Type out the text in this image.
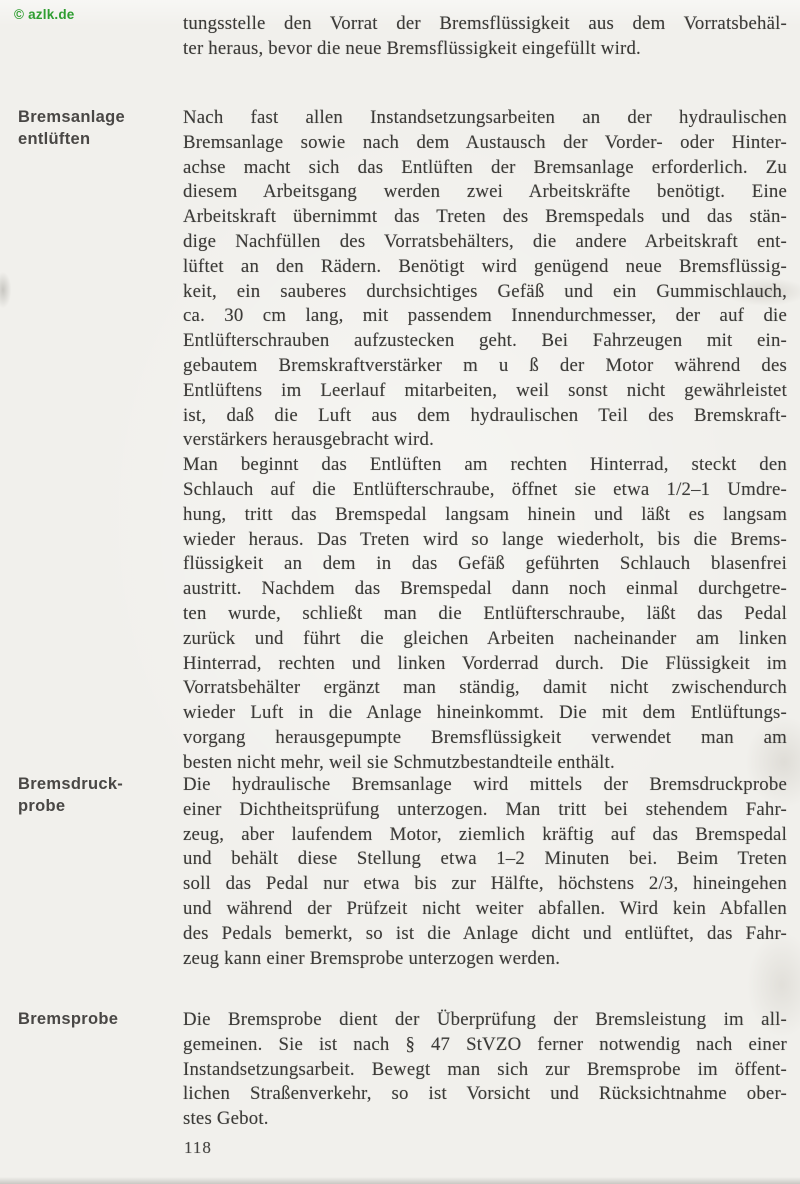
© azlk.de	tungsstelle den Vorrat der Bremsflüssigkeit aus dem Vorratsbehäl-
ter heraus, bevor die neue Bremsflüssigkeit eingefüllt wird.
Bremsanlage
entlüften
Nach fast allen Instandsetzungsarbeiten an der hydraulischen
Bremsanlage sowie nach dem Austausch der Vorder- oder Hinter-
achse macht sich das Entlüften der Bremsanlage erforderlich. Zu
diesem Arbeitsgang werden zwei Arbeitskräfte benötigt. Eine
Arbeitskraft übernimmt das Treten des Bremspedals und das stän-
dige Nachfüllen des Vorratsbehälters, die andere Arbeitskraft ent-
lüftet an den Rädern. Benötigt wird genügend neue Bremsflüssig-
keit, ein sauberes durchsichtiges Gefäß und ein Gummischlauch,
ca. 30 cm lang, mit passendem Innendurchmesser, der auf die
Entlüfterschrauben aufzustecken geht. Bei Fahrzeugen mit ein-
gebautem Bremskraftverstärker m u ß der Motor während des
Entlüftens im Leerlauf mitarbeiten, weil sonst nicht gewährleistet
ist, daß die Luft aus dem hydraulischen Teil des Bremskraft-
verstärkers herausgebracht wird.
Man beginnt das Entlüften am rechten Hinterrad, steckt den
Schlauch auf die Entlüfterschraube, öffnet sie etwa 1/2–1 Umdre-
hung, tritt das Bremspedal langsam hinein und läßt es langsam
wieder heraus. Das Treten wird so lange wiederholt, bis die Brems-
flüssigkeit an dem in das Gefäß geführten Schlauch blasenfrei
austritt. Nachdem das Bremspedal dann noch einmal durchgetre-
ten wurde, schließt man die Entlüfterschraube, läßt das Pedal
zurück und führt die gleichen Arbeiten nacheinander am linken
Hinterrad, rechten und linken Vorderrad durch. Die Flüssigkeit im
Vorratsbehälter ergänzt man ständig, damit nicht zwischendurch
wieder Luft in die Anlage hineinkommt. Die mit dem Entlüftungs-
vorgang herausgepumpte Bremsflüssigkeit verwendet man am
besten nicht mehr, weil sie Schmutzbestandteile enthält.
Bremsdruck-
probe
Die hydraulische Bremsanlage wird mittels der Bremsdruckprobe
einer Dichtheitsprüfung unterzogen. Man tritt bei stehendem Fahr-
zeug, aber laufendem Motor, ziemlich kräftig auf das Bremspedal
und behält diese Stellung etwa 1–2 Minuten bei. Beim Treten
soll das Pedal nur etwa bis zur Hälfte, höchstens 2/3, hineingehen
und während der Prüfzeit nicht weiter abfallen. Wird kein Abfallen
des Pedals bemerkt, so ist die Anlage dicht und entlüftet, das Fahr-
zeug kann einer Bremsprobe unterzogen werden.
Bremsprobe	Die Bremsprobe dient der Überprüfung der Bremsleistung im all-
gemeinen. Sie ist nach § 47 StVZO ferner notwendig nach einer
Instandsetzungsarbeit. Bewegt man sich zur Bremsprobe im öffent-
lichen Straßenverkehr, so ist Vorsicht und Rücksichtnahme ober-
stes Gebot.
118
